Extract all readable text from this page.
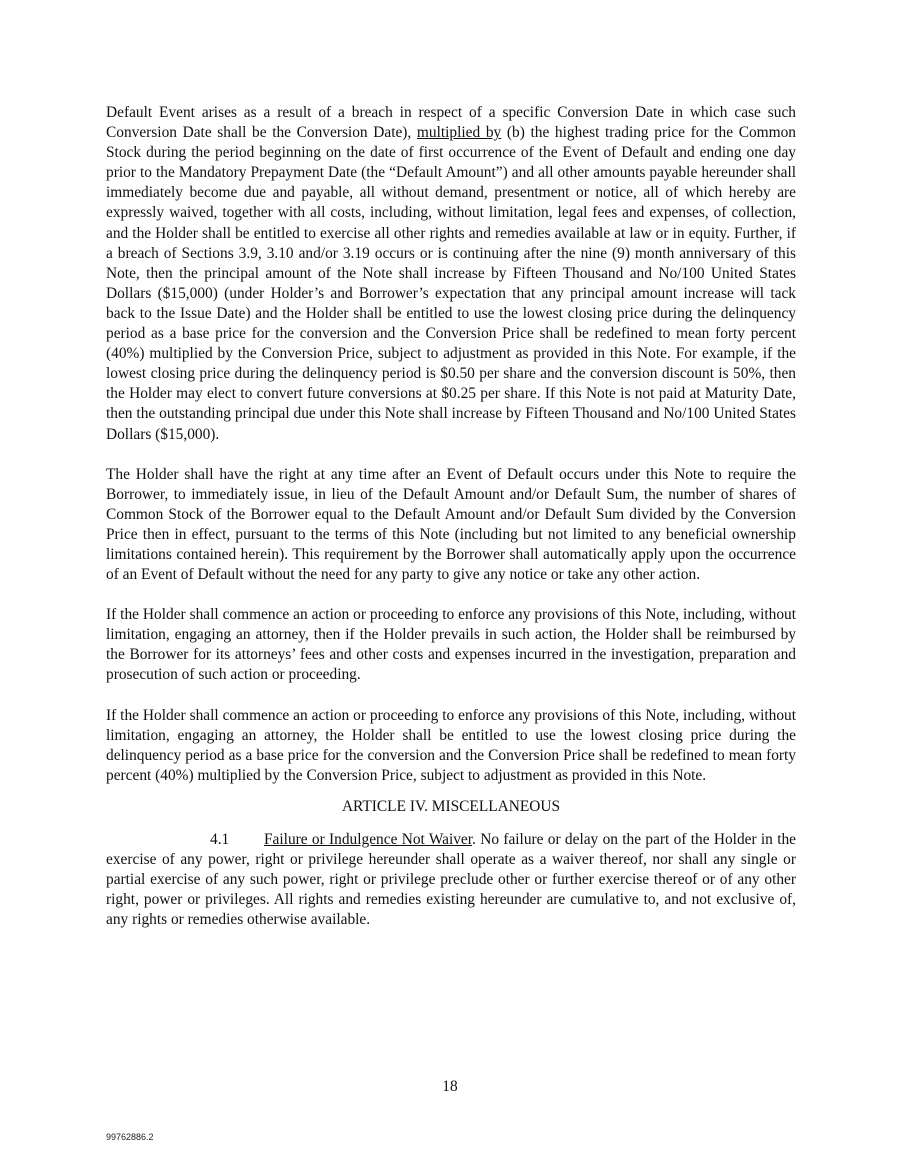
Default Event arises as a result of a breach in respect of a specific Conversion Date in which case such Conversion Date shall be the Conversion Date), multiplied by (b) the highest trading price for the Common Stock during the period beginning on the date of first occurrence of the Event of Default and ending one day prior to the Mandatory Prepayment Date (the “Default Amount”) and all other amounts payable hereunder shall immediately become due and payable, all without demand, presentment or notice, all of which hereby are expressly waived, together with all costs, including, without limitation, legal fees and expenses, of collection, and the Holder shall be entitled to exercise all other rights and remedies available at law or in equity. Further, if a breach of Sections 3.9, 3.10 and/or 3.19 occurs or is continuing after the nine (9) month anniversary of this Note, then the principal amount of the Note shall increase by Fifteen Thousand and No/100 United States Dollars ($15,000) (under Holder’s and Borrower’s expectation that any principal amount increase will tack back to the Issue Date) and the Holder shall be entitled to use the lowest closing price during the delinquency period as a base price for the conversion and the Conversion Price shall be redefined to mean forty percent (40%) multiplied by the Conversion Price, subject to adjustment as provided in this Note. For example, if the lowest closing price during the delinquency period is $0.50 per share and the conversion discount is 50%, then the Holder may elect to convert future conversions at $0.25 per share. If this Note is not paid at Maturity Date, then the outstanding principal due under this Note shall increase by Fifteen Thousand and No/100 United States Dollars ($15,000).

The Holder shall have the right at any time after an Event of Default occurs under this Note to require the Borrower, to immediately issue, in lieu of the Default Amount and/or Default Sum, the number of shares of Common Stock of the Borrower equal to the Default Amount and/or Default Sum divided by the Conversion Price then in effect, pursuant to the terms of this Note (including but not limited to any beneficial ownership limitations contained herein). This requirement by the Borrower shall automatically apply upon the occurrence of an Event of Default without the need for any party to give any notice or take any other action.

If the Holder shall commence an action or proceeding to enforce any provisions of this Note, including, without limitation, engaging an attorney, then if the Holder prevails in such action, the Holder shall be reimbursed by the Borrower for its attorneys’ fees and other costs and expenses incurred in the investigation, preparation and prosecution of such action or proceeding.

If the Holder shall commence an action or proceeding to enforce any provisions of this Note, including, without limitation, engaging an attorney, the Holder shall be entitled to use the lowest closing price during the delinquency period as a base price for the conversion and the Conversion Price shall be redefined to mean forty percent (40%) multiplied by the Conversion Price, subject to adjustment as provided in this Note.

ARTICLE IV. MISCELLANEOUS

4.1 Failure or Indulgence Not Waiver. No failure or delay on the part of the Holder in the exercise of any power, right or privilege hereunder shall operate as a waiver thereof, nor shall any single or partial exercise of any such power, right or privilege preclude other or further exercise thereof or of any other right, power or privileges. All rights and remedies existing hereunder are cumulative to, and not exclusive of, any rights or remedies otherwise available.

18
99762886.2
